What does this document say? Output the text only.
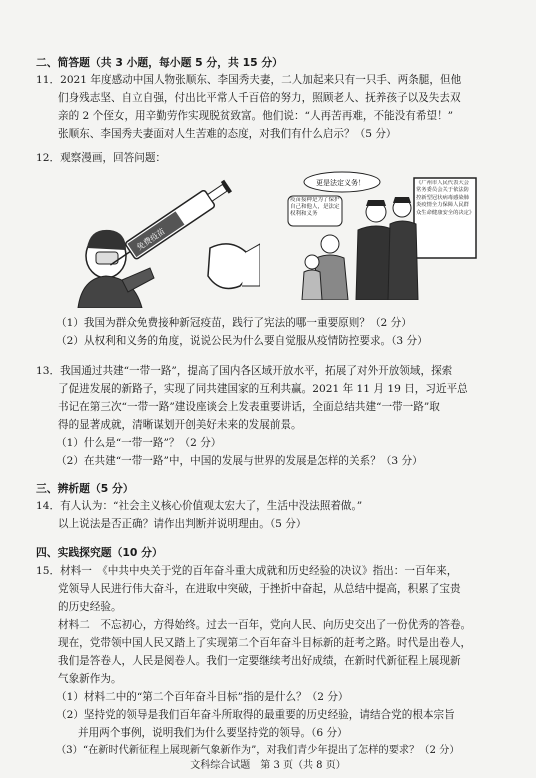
二、简答题（共 3 小题，每小题 5 分，共 15 分）
11．2021 年度感动中国人物张顺东、李国秀夫妻，二人加起来只有一只手、两条腿，但他
们身残志坚、自立自强，付出比平常人千百倍的努力，照顾老人、抚养孩子以及失去双
亲的 2 个侄女，用辛勤劳作实现脱贫致富。他们说：“人再苦再难，不能没有希望！”
张顺东、李国秀夫妻面对人生苦难的态度，对我们有什么启示？（5 分）
12．观察漫画，回答问题：
免费疫苗
更是法定义务！
疫苗接种是为了保护自己和他人，是法定权利和义务
《广州市人民代表大会常务委员会关于依法防控新型冠状病毒感染肺炎疫情全力保障人民群众生命健康安全的决定》
（1）我国为群众免费接种新冠疫苗，践行了宪法的哪一重要原则？（2 分）
（2）从权利和义务的角度，说说公民为什么要自觉服从疫情防控要求。（3 分）
13．我国通过共建“一带一路”，提高了国内各区域开放水平，拓展了对外开放领域，探索
了促进发展的新路子，实现了同共建国家的互利共赢。2021 年 11 月 19 日，习近平总
书记在第三次“一带一路”建设座谈会上发表重要讲话，全面总结共建“一带一路”取
得的显著成就，清晰谋划开创美好未来的发展前景。
（1）什么是“一带一路”？（2 分）
（2）在共建“一带一路”中，中国的发展与世界的发展是怎样的关系？（3 分）
三、辨析题（5 分）
14．有人认为：“社会主义核心价值观太宏大了，生活中没法照着做。”
以上说法是否正确？请作出判断并说明理由。（5 分）
四、实践探究题（10 分）
15．材料一　《中共中央关于党的百年奋斗重大成就和历史经验的决议》指出：一百年来，
党领导人民进行伟大奋斗，在进取中突破，于挫折中奋起，从总结中提高，积累了宝贵
的历史经验。
材料二　不忘初心，方得始终。过去一百年，党向人民、向历史交出了一份优秀的答卷。
现在，党带领中国人民又踏上了实现第二个百年奋斗目标新的赶考之路。时代是出卷人，
我们是答卷人，人民是阅卷人。我们一定要继续考出好成绩，在新时代新征程上展现新
气象新作为。
（1）材料二中的“第二个百年奋斗目标”指的是什么？（2 分）
（2）坚持党的领导是我们百年奋斗所取得的最重要的历史经验，请结合党的根本宗旨
并用两个事例，说明我们为什么要坚持党的领导。（6 分）
（3）“在新时代新征程上展现新气象新作为”，对我们青少年提出了怎样的要求？（2 分）
文科综合试题　第 3 页（共 8 页）
